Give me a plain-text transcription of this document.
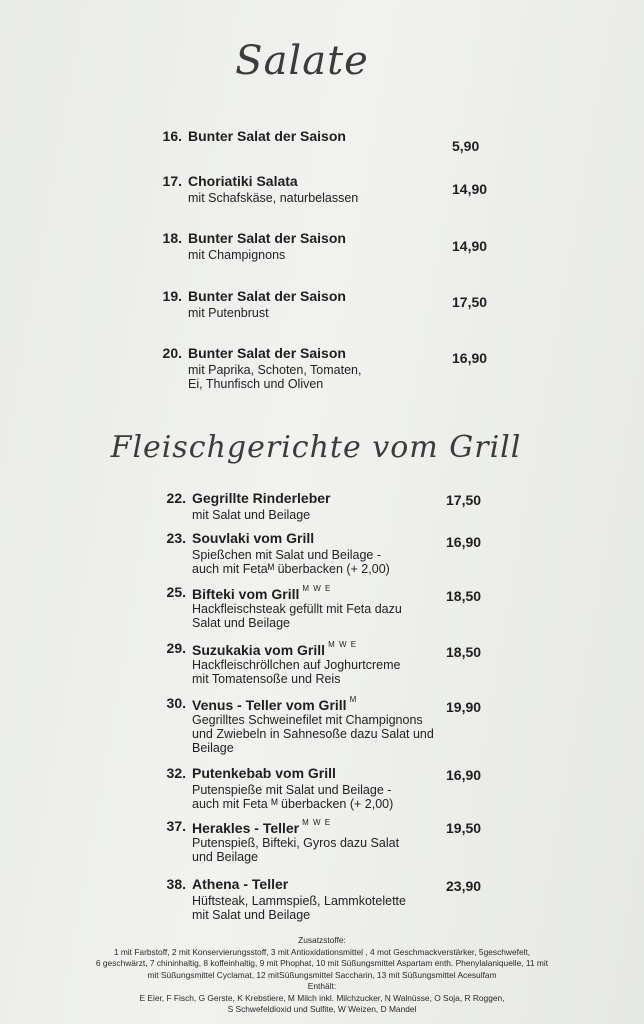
Salate
Fleischgerichte vom Grill
16. Bunter Salat der Saison
5,90
17. Choriatiki Salata
mit Schafskäse, naturbelassen
14,90
18. Bunter Salat der Saison
mit Champignons
14,90
19. Bunter Salat der Saison
mit Putenbrust
17,50
20. Bunter Salat der Saison
mit Paprika, Schoten, Tomaten,
Ei, Thunfisch und Oliven
16,90
22. Gegrillte Rinderleber
mit Salat und Beilage
17,50
23. Souvlaki vom Grill
Spießchen mit Salat und Beilage -
auch mit Fetaᴹ überbacken (+ 2,00)
16,90
25. Bifteki vom Grill $^{M W E}$
Hackfleischsteak gefüllt mit Feta dazu
Salat und Beilage
18,50
29. Suzukakia vom Grill $^{M W E}$
Hackfleischröllchen auf Joghurtcreme
mit Tomatensoße und Reis
18,50
30. Venus - Teller vom Grill $^M$
Gegrilltes Schweinefilet mit Champignons
und Zwiebeln in Sahnesoße dazu Salat und
Beilage
19,90
32. Putenkebab vom Grill
Putenspieße mit Salat und Beilage -
auch mit Feta ᴹ überbacken (+ 2,00)
16,90
37. Herakles - Teller $^{M W E}$
Putenspieß, Bifteki, Gyros dazu Salat
und Beilage
19,50
38. Athena - Teller
Hüftsteak, Lammspieß, Lammkotelette
mit Salat und Beilage
23,90
Zusatzstoffe:
1 mit Farbstoff, 2 mit Konservierungsstoff, 3 mit Antioxidationsmittel , 4 mot Geschmackverstärker, 5geschwefelt,
6 geschwärzt, 7 chininhaltig, 8 koffeinhaltig, 9 mit Phophat, 10 mit Süßungsmittel Aspartam enth. Phenylalaniquelle, 11 mit
mit Süßungsmittel Cyclamat, 12 mitSüßungsmittel Saccharin, 13 mit Süßungsmittel Acesulfam
Enthält:
E Eier, F Fisch, G Gerste, K Krebstiere, M Milch inkl. Milchzucker, N Walnüsse, O Soja, R Roggen,
S Schwefeldioxid und Sulfite, W Weizen, D Mandel
